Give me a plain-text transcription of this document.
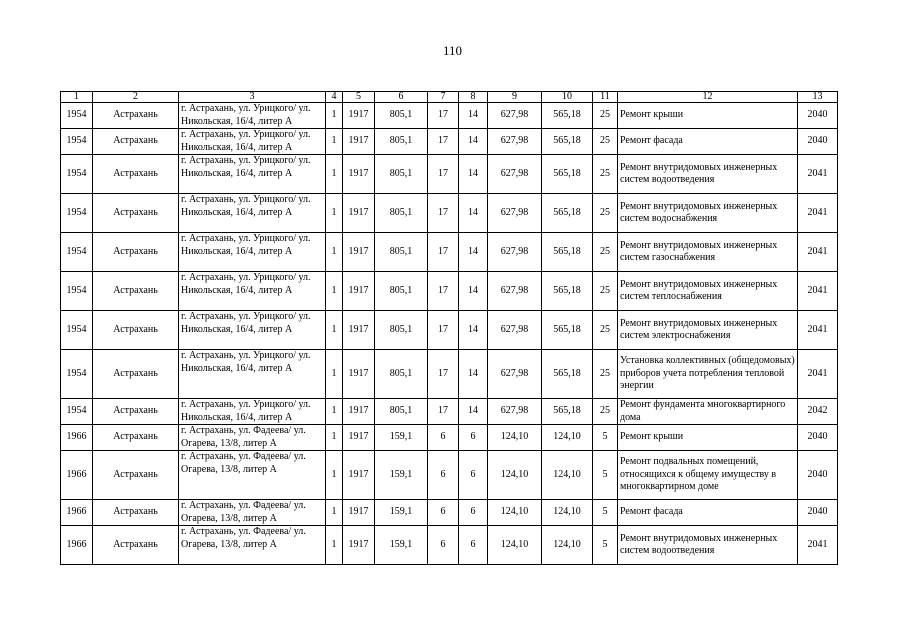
110
1	2	3	4	5	6	7	8	9	10	11	12	13
1954	Астрахань	г. Астрахань, ул. Урицкого/ ул. Никольская, 16/4, литер А	1	1917	805,1	17	14	627,98	565,18	25	Ремонт крыши	2040
1954	Астрахань	г. Астрахань, ул. Урицкого/ ул. Никольская, 16/4, литер А	1	1917	805,1	17	14	627,98	565,18	25	Ремонт фасада	2040
1954	Астрахань	г. Астрахань, ул. Урицкого/ ул. Никольская, 16/4, литер А	1	1917	805,1	17	14	627,98	565,18	25	Ремонт внутридомовых инженерных систем водоотведения	2041
1954	Астрахань	г. Астрахань, ул. Урицкого/ ул. Никольская, 16/4, литер А	1	1917	805,1	17	14	627,98	565,18	25	Ремонт внутридомовых инженерных систем водоснабжения	2041
1954	Астрахань	г. Астрахань, ул. Урицкого/ ул. Никольская, 16/4, литер А	1	1917	805,1	17	14	627,98	565,18	25	Ремонт внутридомовых инженерных систем газоснабжения	2041
1954	Астрахань	г. Астрахань, ул. Урицкого/ ул. Никольская, 16/4, литер А	1	1917	805,1	17	14	627,98	565,18	25	Ремонт внутридомовых инженерных систем теплоснабжения	2041
1954	Астрахань	г. Астрахань, ул. Урицкого/ ул. Никольская, 16/4, литер А	1	1917	805,1	17	14	627,98	565,18	25	Ремонт внутридомовых инженерных систем электроснабжения	2041
1954	Астрахань	г. Астрахань, ул. Урицкого/ ул. Никольская, 16/4, литер А	1	1917	805,1	17	14	627,98	565,18	25	Установка коллективных (общедомовых) приборов учета потребления тепловой энергии	2041
1954	Астрахань	г. Астрахань, ул. Урицкого/ ул. Никольская, 16/4, литер А	1	1917	805,1	17	14	627,98	565,18	25	Ремонт фундамента многоквартирного дома	2042
1966	Астрахань	г. Астрахань, ул. Фадеева/ ул. Огарева, 13/8, литер А	1	1917	159,1	6	6	124,10	124,10	5	Ремонт крыши	2040
1966	Астрахань	г. Астрахань, ул. Фадеева/ ул. Огарева, 13/8, литер А	1	1917	159,1	6	6	124,10	124,10	5	Ремонт подвальных помещений, относящихся к общему имуществу в многоквартирном доме	2040
1966	Астрахань	г. Астрахань, ул. Фадеева/ ул. Огарева, 13/8, литер А	1	1917	159,1	6	6	124,10	124,10	5	Ремонт фасада	2040
1966	Астрахань	г. Астрахань, ул. Фадеева/ ул. Огарева, 13/8, литер А	1	1917	159,1	6	6	124,10	124,10	5	Ремонт внутридомовых инженерных систем водоотведения	2041
